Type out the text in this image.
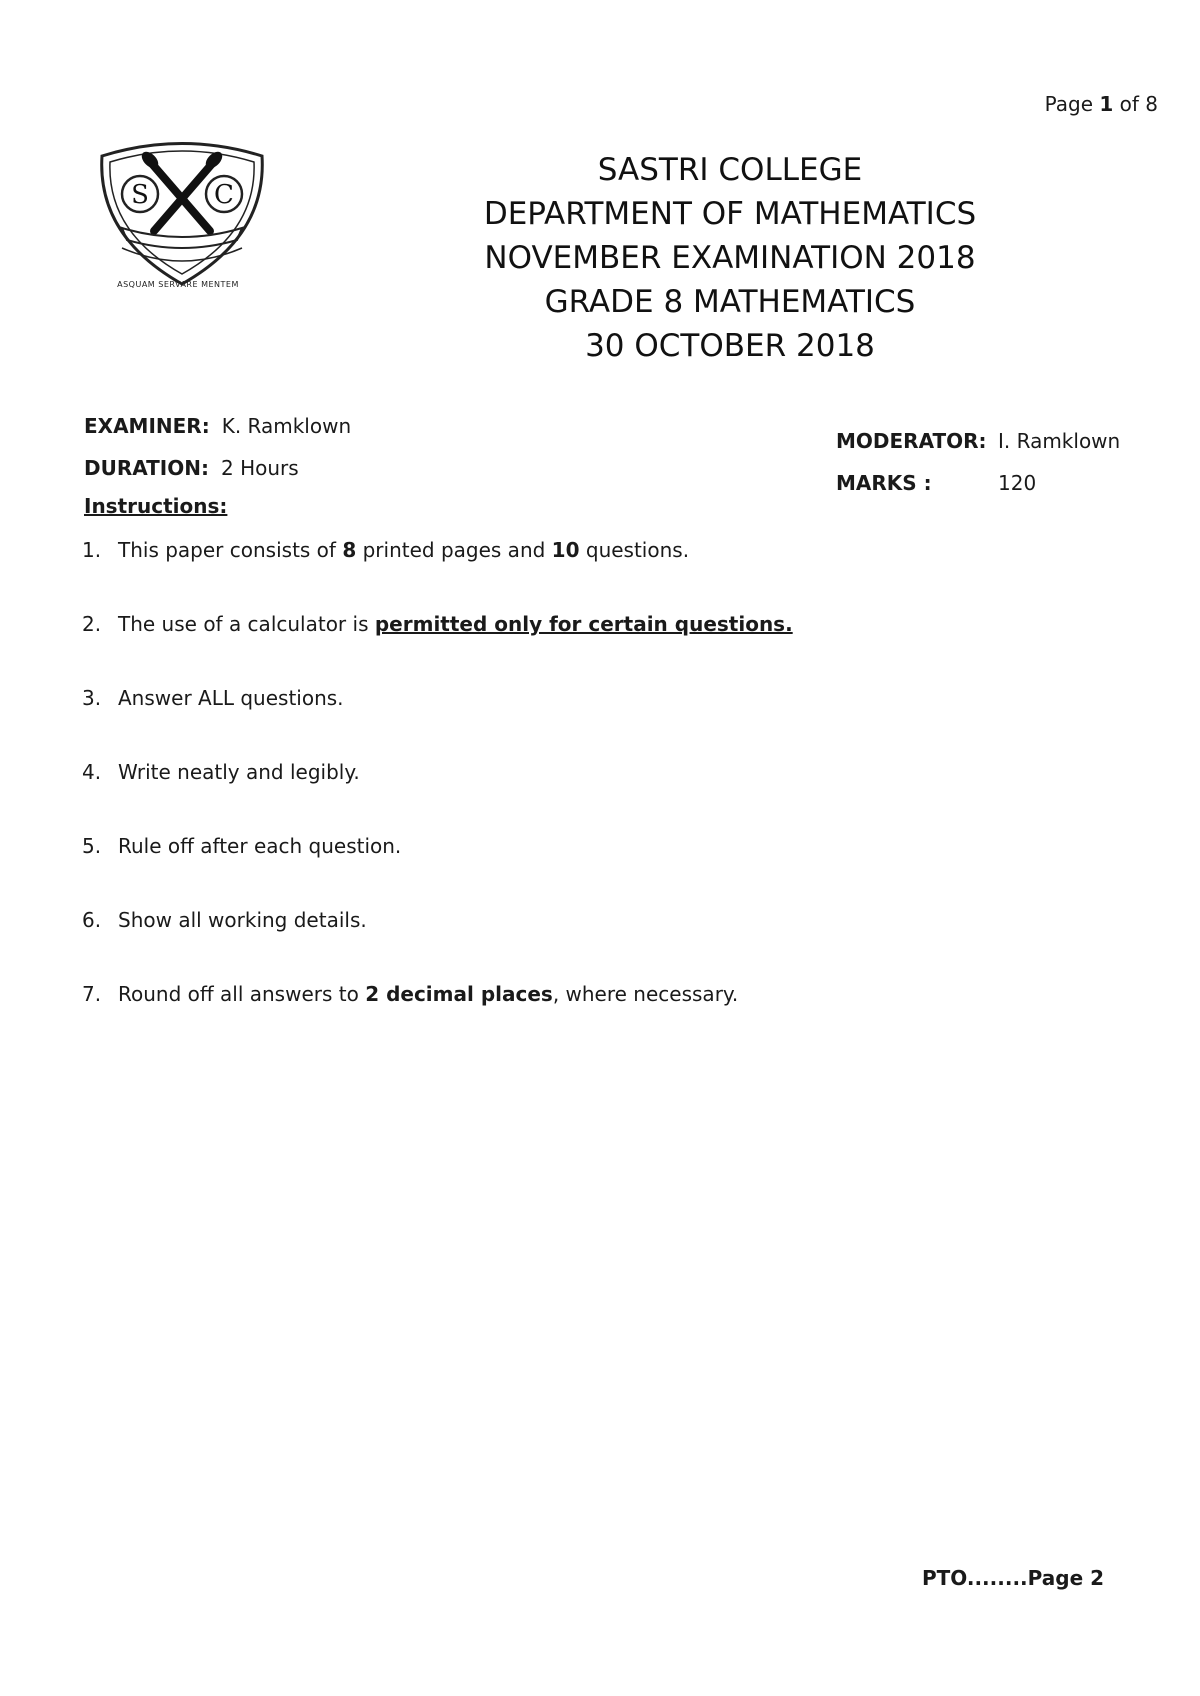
Page 1 of 8
S	C
ASQUAM SERVARE MENTEM
SASTRI COLLEGE
DEPARTMENT OF MATHEMATICS
NOVEMBER EXAMINATION 2018
GRADE 8 MATHEMATICS
30 OCTOBER 2018
EXAMINER: K. Ramklown
DURATION: 2 Hours
MODERATOR: I. Ramklown
MARKS :	120
Instructions:
1. This paper consists of 8 printed pages and 10 questions.
2. The use of a calculator is permitted only for certain questions.
3. Answer ALL questions.
4. Write neatly and legibly.
5. Rule off after each question.
6. Show all working details.
7. Round off all answers to 2 decimal places, where necessary.
PTO........Page 2
